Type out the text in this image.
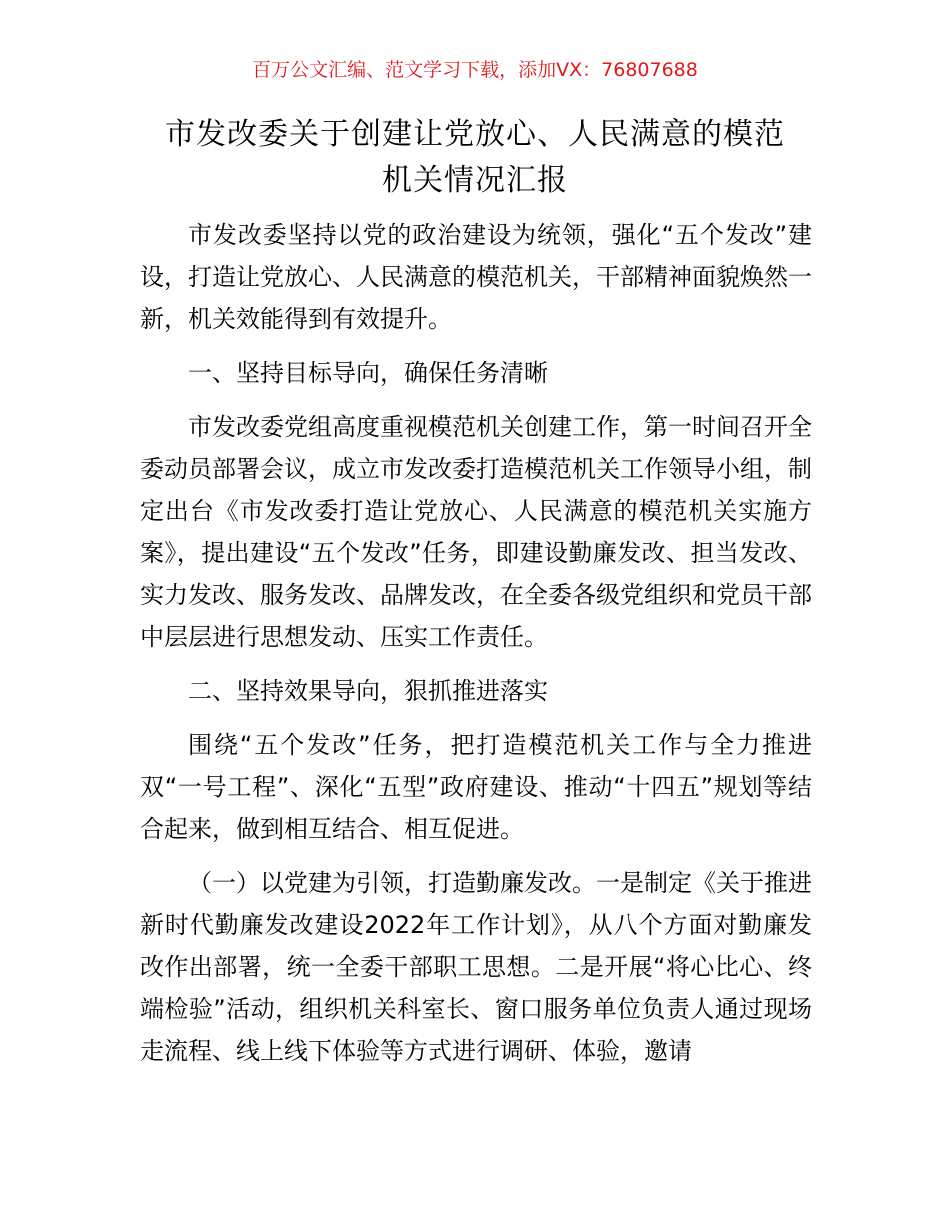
百万公文汇编、范文学习下载，添加VX：76807688
市发改委关于创建让党放心、人民满意的模范
机关情况汇报

市发改委坚持以党的政治建设为统领，强化“五个发改”建设，打造让党放心、人民满意的模范机关，干部精神面貌焕然一新，机关效能得到有效提升。

一、坚持目标导向，确保任务清晰

市发改委党组高度重视模范机关创建工作，第一时间召开全委动员部署会议，成立市发改委打造模范机关工作领导小组，制定出台《市发改委打造让党放心、人民满意的模范机关实施方案》，提出建设“五个发改”任务，即建设勤廉发改、担当发改、实力发改、服务发改、品牌发改，在全委各级党组织和党员干部中层层进行思想发动、压实工作责任。

二、坚持效果导向，狠抓推进落实

围绕“五个发改”任务，把打造模范机关工作与全力推进双“一号工程”、深化“五型”政府建设、推动“十四五”规划等结合起来，做到相互结合、相互促进。

（一）以党建为引领，打造勤廉发改。一是制定《关于推进新时代勤廉发改建设2022年工作计划》，从八个方面对勤廉发改作出部署，统一全委干部职工思想。二是开展“将心比心、终端检验”活动，组织机关科室长、窗口服务单位负责人通过现场走流程、线上线下体验等方式进行调研、体验，邀请
